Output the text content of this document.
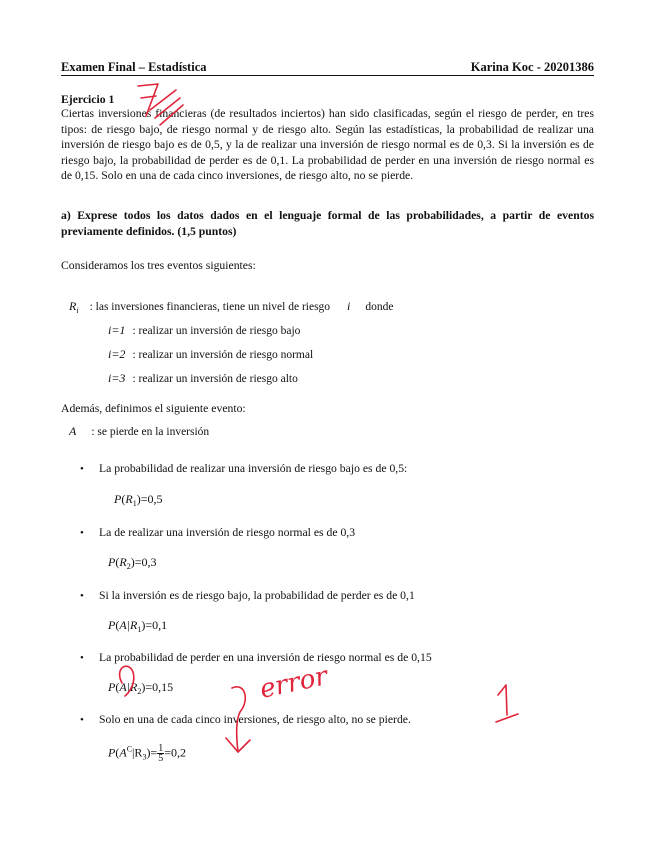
Examen Final – Estadística	Karina Koc - 20201386
Ejercicio 1
Ciertas inversiones financieras (de resultados inciertos) han sido clasificadas, según el riesgo de perder, en tres tipos: de riesgo bajo, de riesgo normal y de riesgo alto. Según las estadísticas, la probabilidad de realizar una inversión de riesgo bajo es de 0,5, y la de realizar una inversión de riesgo normal es de 0,3. Si la inversión es de riesgo bajo, la probabilidad de perder es de 0,1. La probabilidad de perder en una inversión de riesgo normal es de 0,15. Solo en una de cada cinco inversiones, de riesgo alto, no se pierde.
a) Exprese todos los datos dados en el lenguaje formal de las probabilidades, a partir de eventos previamente definidos. (1,5 puntos)
Consideramos los tres eventos siguientes:
$R_i$ : las inversiones financieras, tiene un nivel de riesgo i donde
i=1 : realizar un inversión de riesgo bajo
i=2 : realizar un inversión de riesgo normal
i=3 : realizar un inversión de riesgo alto
Además, definimos el siguiente evento:
A : se pierde en la inversión
• La probabilidad de realizar una inversión de riesgo bajo es de 0,5:
$P(R_1)=0,5$
• La de realizar una inversión de riesgo normal es de 0,3
$P(R_2)=0,3$
• Si la inversión es de riesgo bajo, la probabilidad de perder es de 0,1
$P(A|R_1)=0,1$
• La probabilidad de perder en una inversión de riesgo normal es de 0,15
$P(A|R_2)=0,15$
• Solo en una de cada cinco inversiones, de riesgo alto, no se pierde.
$P(A^C|R_3)= \frac{1}{5} =0,2$
error
